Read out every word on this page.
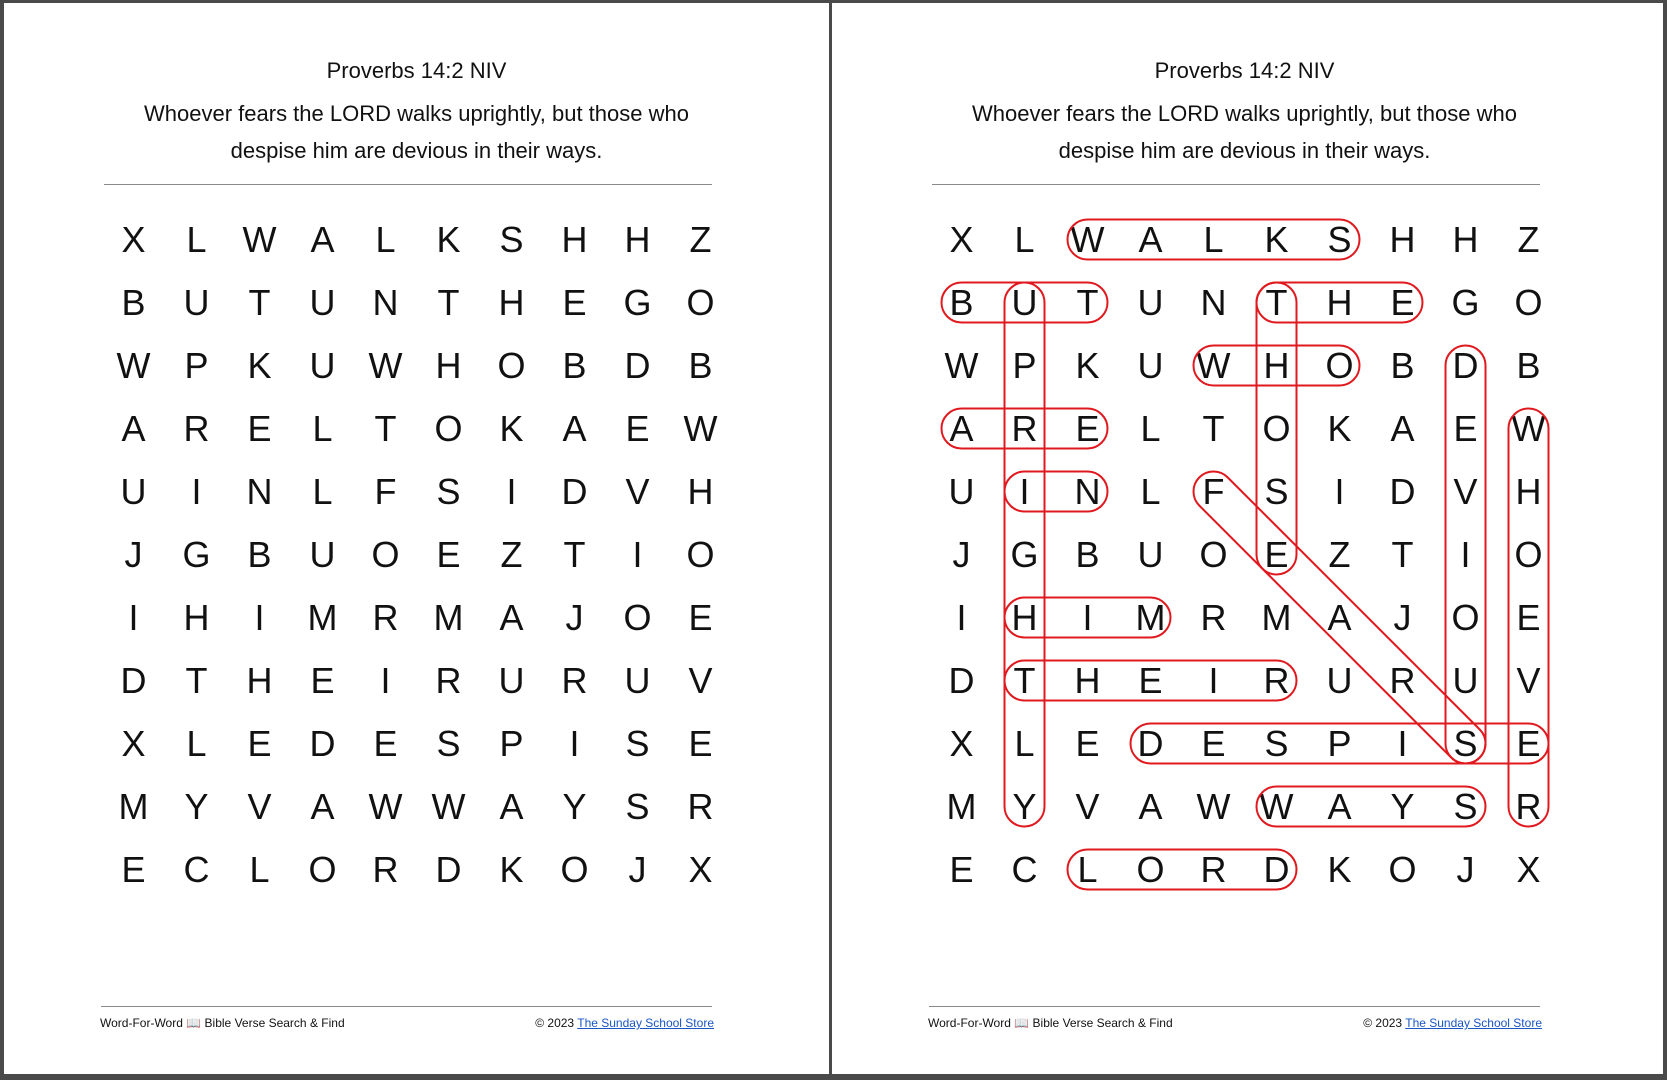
Proverbs 14:2 NIV
Whoever fears the LORD walks uprightly, but those who despise him are devious in their ways.
X	L W A	L	K	S	H	H	Z
B	U	T	U	N	T	H	E	G O
W P	K	U W H O	B	D	B
A	R	E	L	T	O	K	A	E W
U	I	N	L	F	S	I	D	V	H
J	G	B	U O	E	Z	T	I	O
I	H	I	M R M A	J	O	E
D	T	H	E	I	R	U	R	U	V
X	L	E	D	E	S	P	I	S	E
M Y	V	A W W A	Y	S	R
E	C	L	O	R	D	K	O	J	X
Word-For-Word 📖 Bible Verse Search & Find	© 2023 The Sunday School Store
Proverbs 14:2 NIV
Whoever fears the LORD walks uprightly, but those who despise him are devious in their ways.
X	L W A	L	K	S	H	H	Z
B	U	T	U	N	T	H	E	G O
W P	K	U W H O	B	D	B
A	R	E	L	T	O	K	A	E W
U	I	N	L	F	S	I	D	V	H
J	G	B	U O	E	Z	T	I	O
I	H	I	M R M A	J	O	E
D	T	H	E	I	R	U	R	U	V
X	L	E	D	E	S	P	I	S	E
M Y	V	A W W A	Y	S	R
E	C	L	O	R	D	K	O	J	X
Word-For-Word 📖 Bible Verse Search & Find	© 2023 The Sunday School Store
